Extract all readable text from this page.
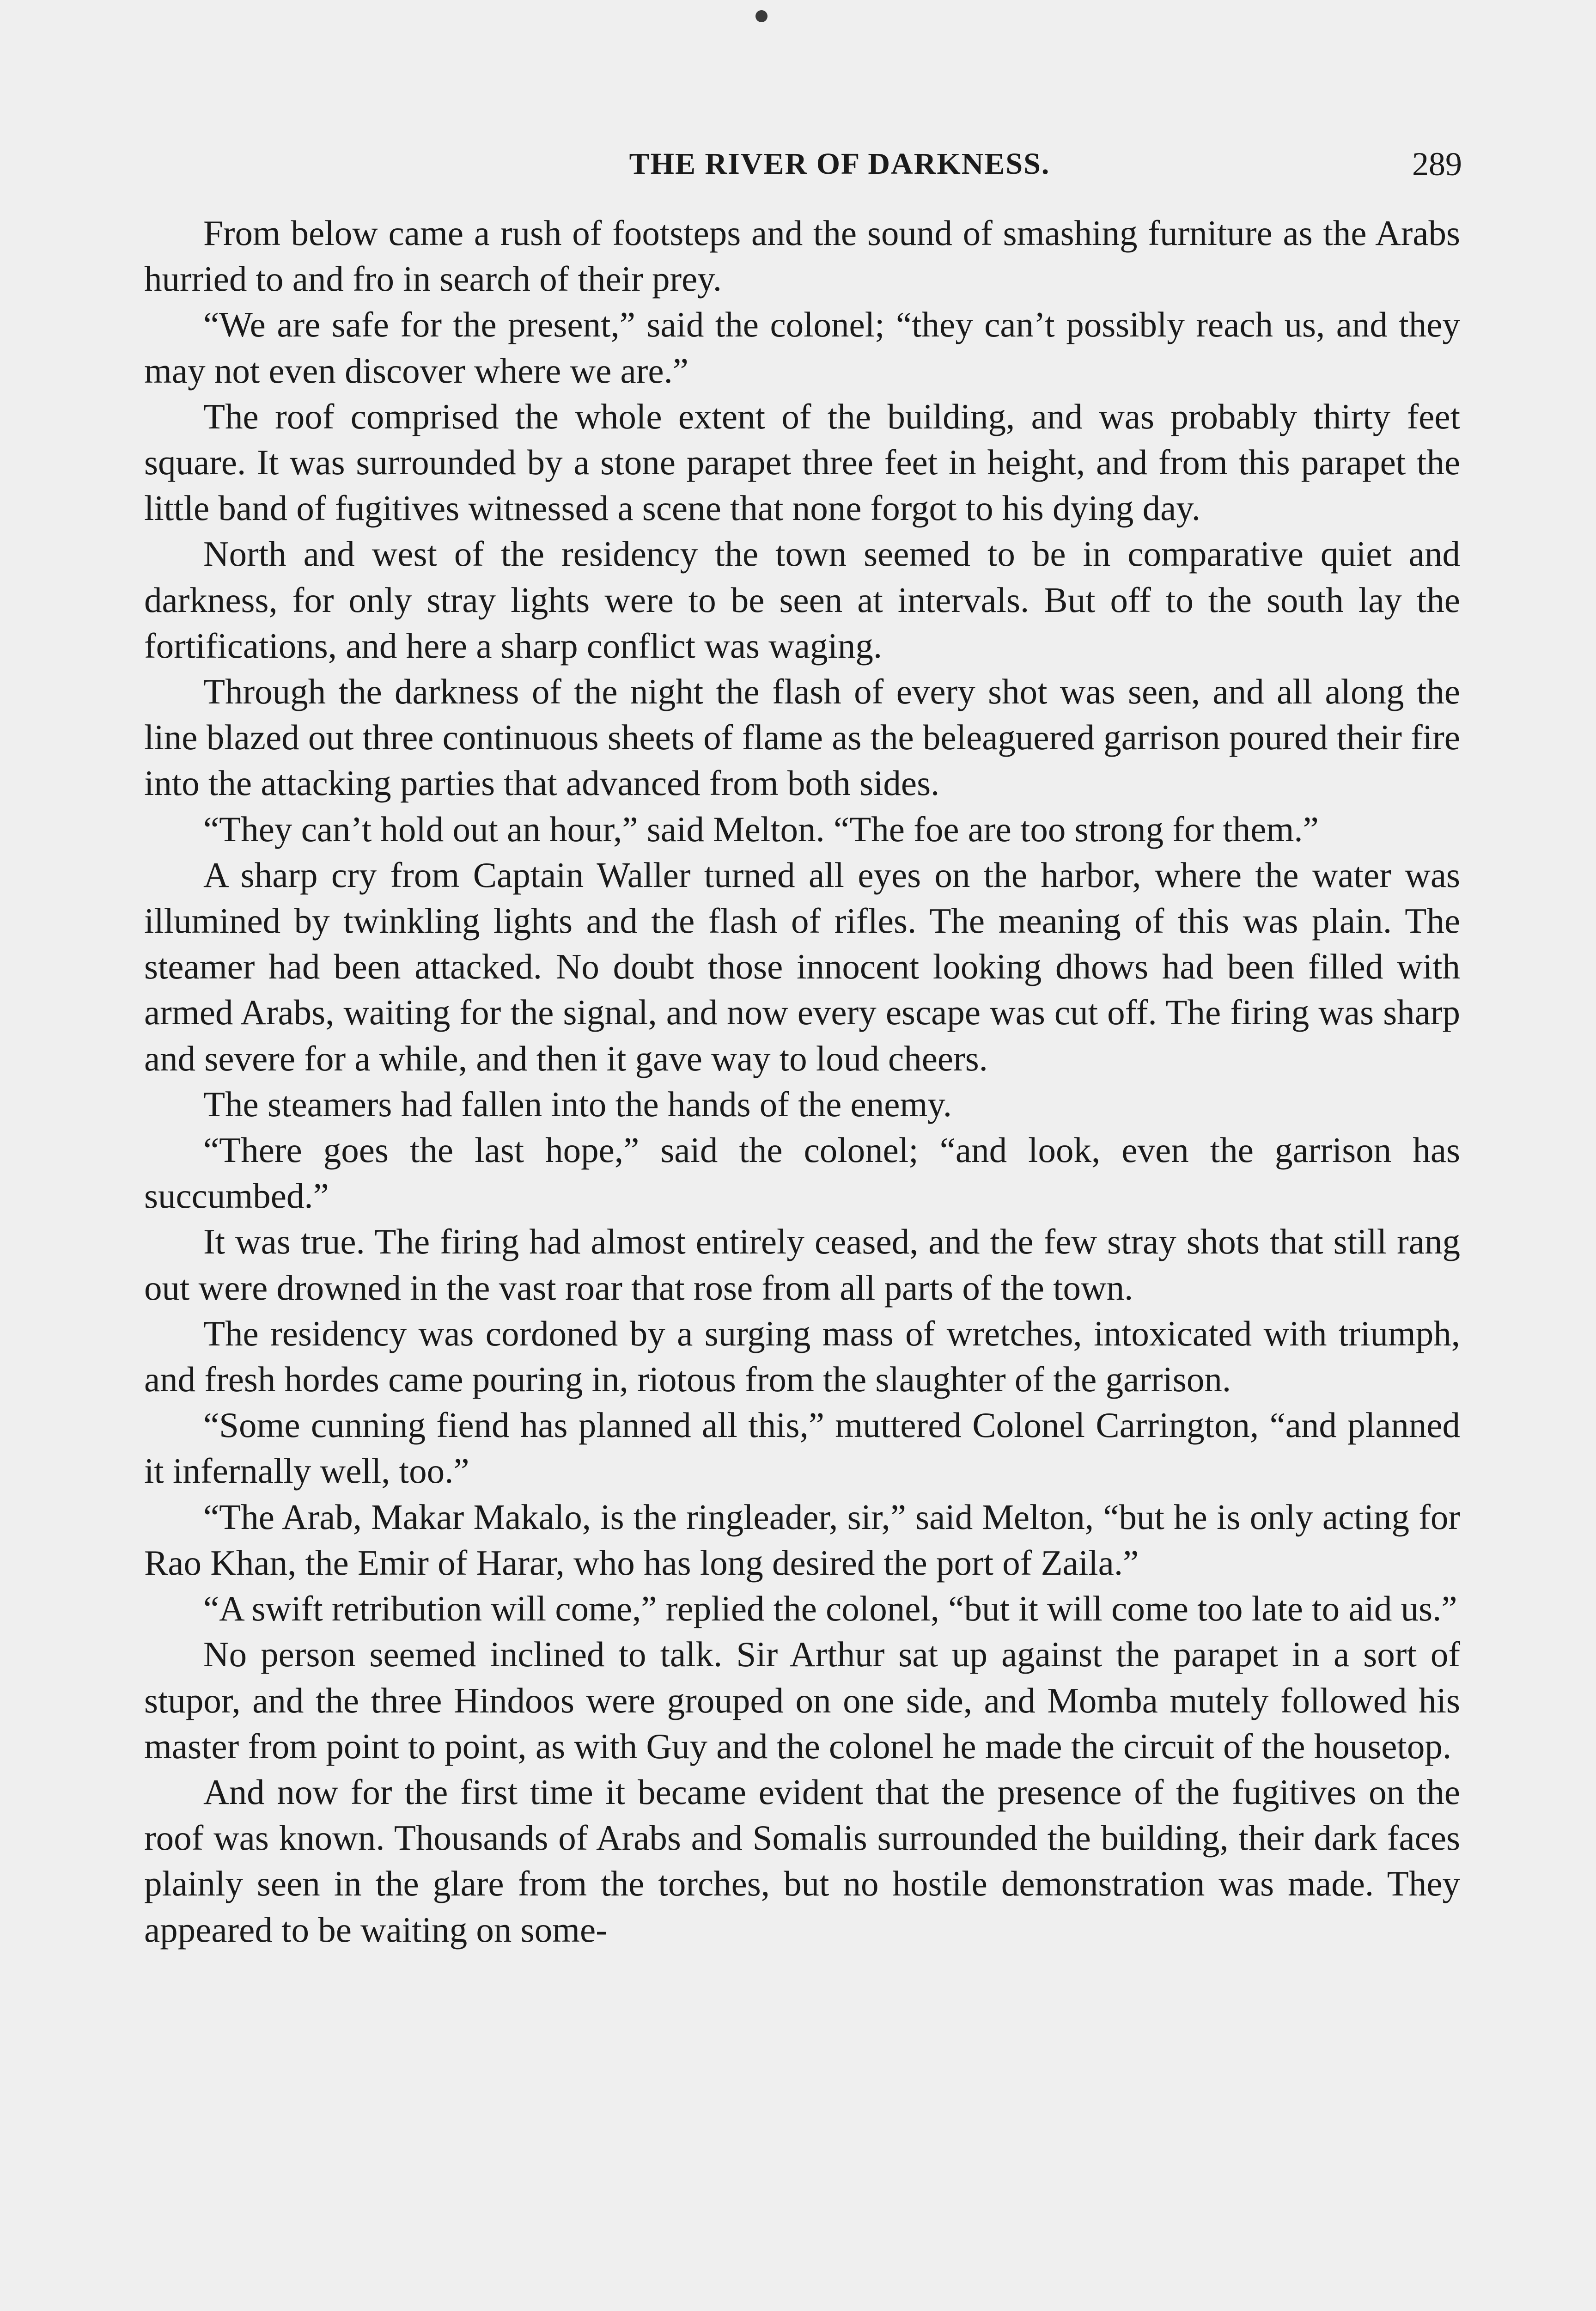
THE RIVER OF DARKNESS.	289

From below came a rush of footsteps and the sound of smashing furniture as the Arabs hurried to and fro in search of their prey.

“We are safe for the present,” said the colonel; “they can’t possibly reach us, and they may not even discover where we are.”

The roof comprised the whole extent of the building, and was probably thirty feet square. It was surrounded by a stone parapet three feet in height, and from this parapet the little band of fugitives witnessed a scene that none forgot to his dying day.

North and west of the residency the town seemed to be in comparative quiet and darkness, for only stray lights were to be seen at intervals. But off to the south lay the fortifications, and here a sharp conflict was waging.

Through the darkness of the night the flash of every shot was seen, and all along the line blazed out three continuous sheets of flame as the beleaguered garrison poured their fire into the attacking parties that advanced from both sides.

“They can’t hold out an hour,” said Melton. “The foe are too strong for them.”

A sharp cry from Captain Waller turned all eyes on the harbor, where the water was illumined by twinkling lights and the flash of rifles. The meaning of this was plain. The steamer had been attacked. No doubt those innocent looking dhows had been filled with armed Arabs, waiting for the signal, and now every escape was cut off. The firing was sharp and severe for a while, and then it gave way to loud cheers.

The steamers had fallen into the hands of the enemy.

“There goes the last hope,” said the colonel; “and look, even the garrison has succumbed.”

It was true. The firing had almost entirely ceased, and the few stray shots that still rang out were drowned in the vast roar that rose from all parts of the town.

The residency was cordoned by a surging mass of wretches, intoxicated with triumph, and fresh hordes came pouring in, riotous from the slaughter of the garrison.

“Some cunning fiend has planned all this,” muttered Colonel Carrington, “and planned it infernally well, too.”

“The Arab, Makar Makalo, is the ringleader, sir,” said Melton, “but he is only acting for Rao Khan, the Emir of Harar, who has long desired the port of Zaila.”

“A swift retribution will come,” replied the colonel, “but it will come too late to aid us.”

No person seemed inclined to talk. Sir Arthur sat up against the parapet in a sort of stupor, and the three Hindoos were grouped on one side, and Momba mutely followed his master from point to point, as with Guy and the colonel he made the circuit of the housetop.

And now for the first time it became evident that the presence of the fugitives on the roof was known. Thousands of Arabs and Somalis surrounded the building, their dark faces plainly seen in the glare from the torches, but no hostile demonstration was made. They appeared to be waiting on some-
